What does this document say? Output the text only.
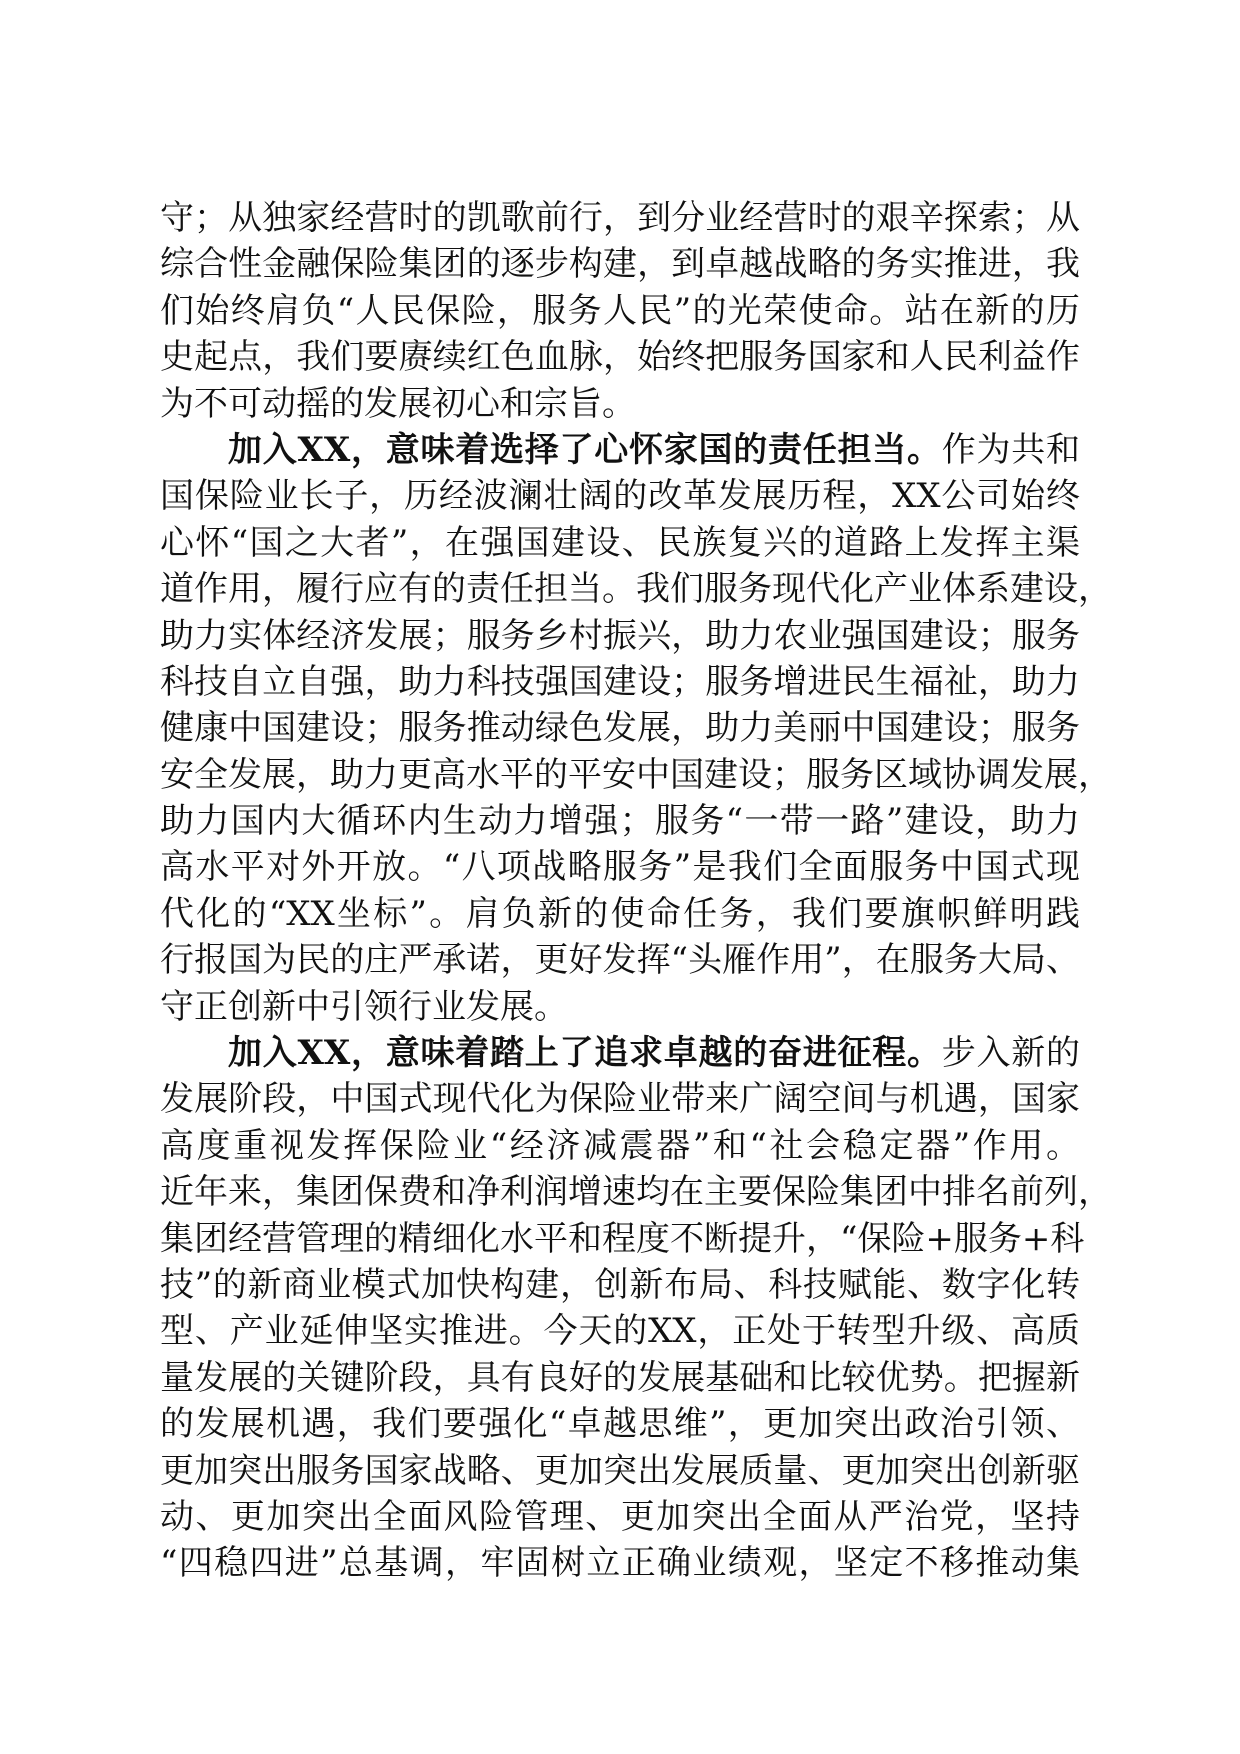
守；从独家经营时的凯歌前行，到分业经营时的艰辛探索；从
综合性金融保险集团的逐步构建，到卓越战略的务实推进，我
们始终肩负“人民保险，服务人民”的光荣使命。站在新的历
史起点，我们要赓续红色血脉，始终把服务国家和人民利益作
为不可动摇的发展初心和宗旨。
加入XX，意味着选择了心怀家国的责任担当。作为共和
国保险业长子，历经波澜壮阔的改革发展历程，XX公司始终
心怀“国之大者”，在强国建设、民族复兴的道路上发挥主渠
道作用，履行应有的责任担当。我们服务现代化产业体系建设，
助力实体经济发展；服务乡村振兴，助力农业强国建设；服务
科技自立自强，助力科技强国建设；服务增进民生福祉，助力
健康中国建设；服务推动绿色发展，助力美丽中国建设；服务
安全发展，助力更高水平的平安中国建设；服务区域协调发展，
助力国内大循环内生动力增强；服务“一带一路”建设，助力
高水平对外开放。“八项战略服务”是我们全面服务中国式现
代化的“XX坐标”。肩负新的使命任务，我们要旗帜鲜明践
行报国为民的庄严承诺，更好发挥“头雁作用”，在服务大局、
守正创新中引领行业发展。
加入XX，意味着踏上了追求卓越的奋进征程。步入新的
发展阶段，中国式现代化为保险业带来广阔空间与机遇，国家
高度重视发挥保险业“经济减震器”和“社会稳定器”作用。
近年来，集团保费和净利润增速均在主要保险集团中排名前列，
集团经营管理的精细化水平和程度不断提升，“保险+服务+科
技”的新商业模式加快构建，创新布局、科技赋能、数字化转
型、产业延伸坚实推进。今天的XX，正处于转型升级、高质
量发展的关键阶段，具有良好的发展基础和比较优势。把握新
的发展机遇，我们要强化“卓越思维”，更加突出政治引领、
更加突出服务国家战略、更加突出发展质量、更加突出创新驱
动、更加突出全面风险管理、更加突出全面从严治党，坚持
“四稳四进”总基调，牢固树立正确业绩观，坚定不移推动集
